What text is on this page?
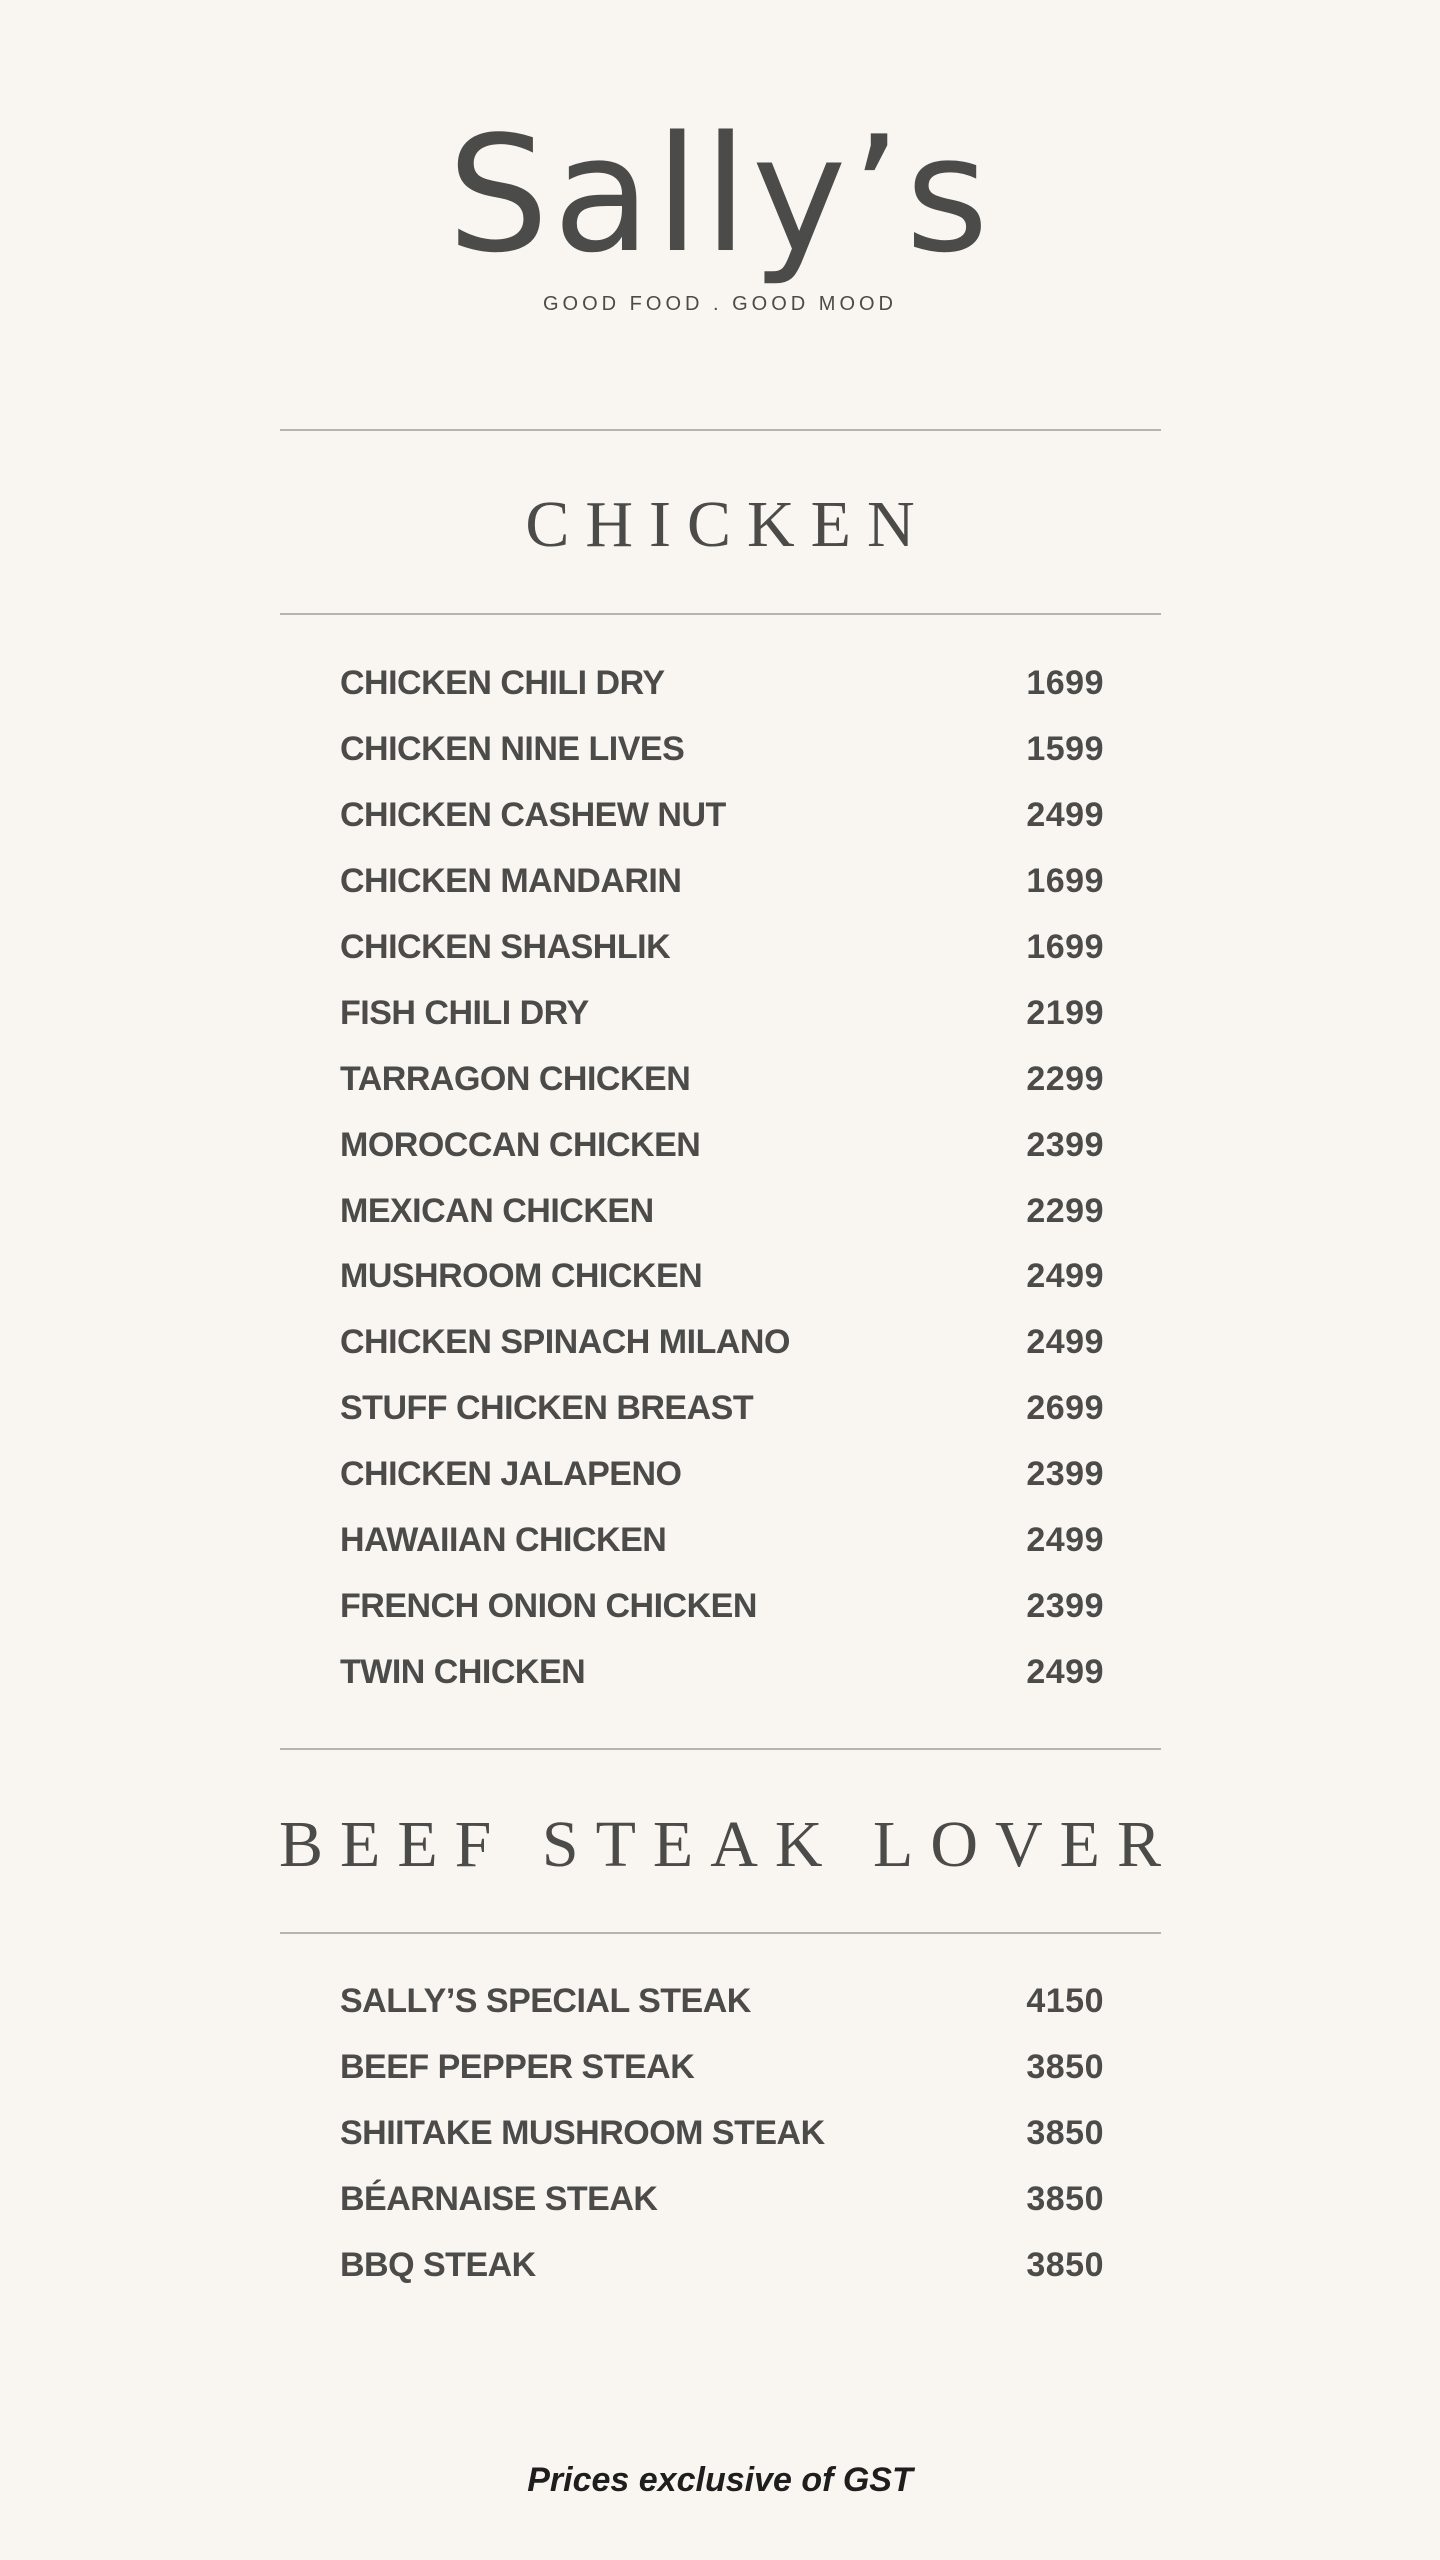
Sally’s
GOOD FOOD . GOOD MOOD
CHICKEN
CHICKEN CHILI DRY	1699
CHICKEN NINE LIVES	1599
CHICKEN CASHEW NUT	2499
CHICKEN MANDARIN	1699
CHICKEN SHASHLIK	1699
FISH CHILI DRY	2199
TARRAGON CHICKEN	2299
MOROCCAN CHICKEN	2399
MEXICAN CHICKEN	2299
MUSHROOM CHICKEN	2499
CHICKEN SPINACH MILANO	2499
STUFF CHICKEN BREAST	2699
CHICKEN JALAPENO	2399
HAWAIIAN CHICKEN	2499
FRENCH ONION CHICKEN	2399
TWIN CHICKEN	2499
BEEF STEAK LOVER
SALLY’S SPECIAL STEAK	4150
BEEF PEPPER STEAK	3850
SHIITAKE MUSHROOM STEAK	3850
BÉARNAISE STEAK	3850
BBQ STEAK	3850
Prices exclusive of GST
